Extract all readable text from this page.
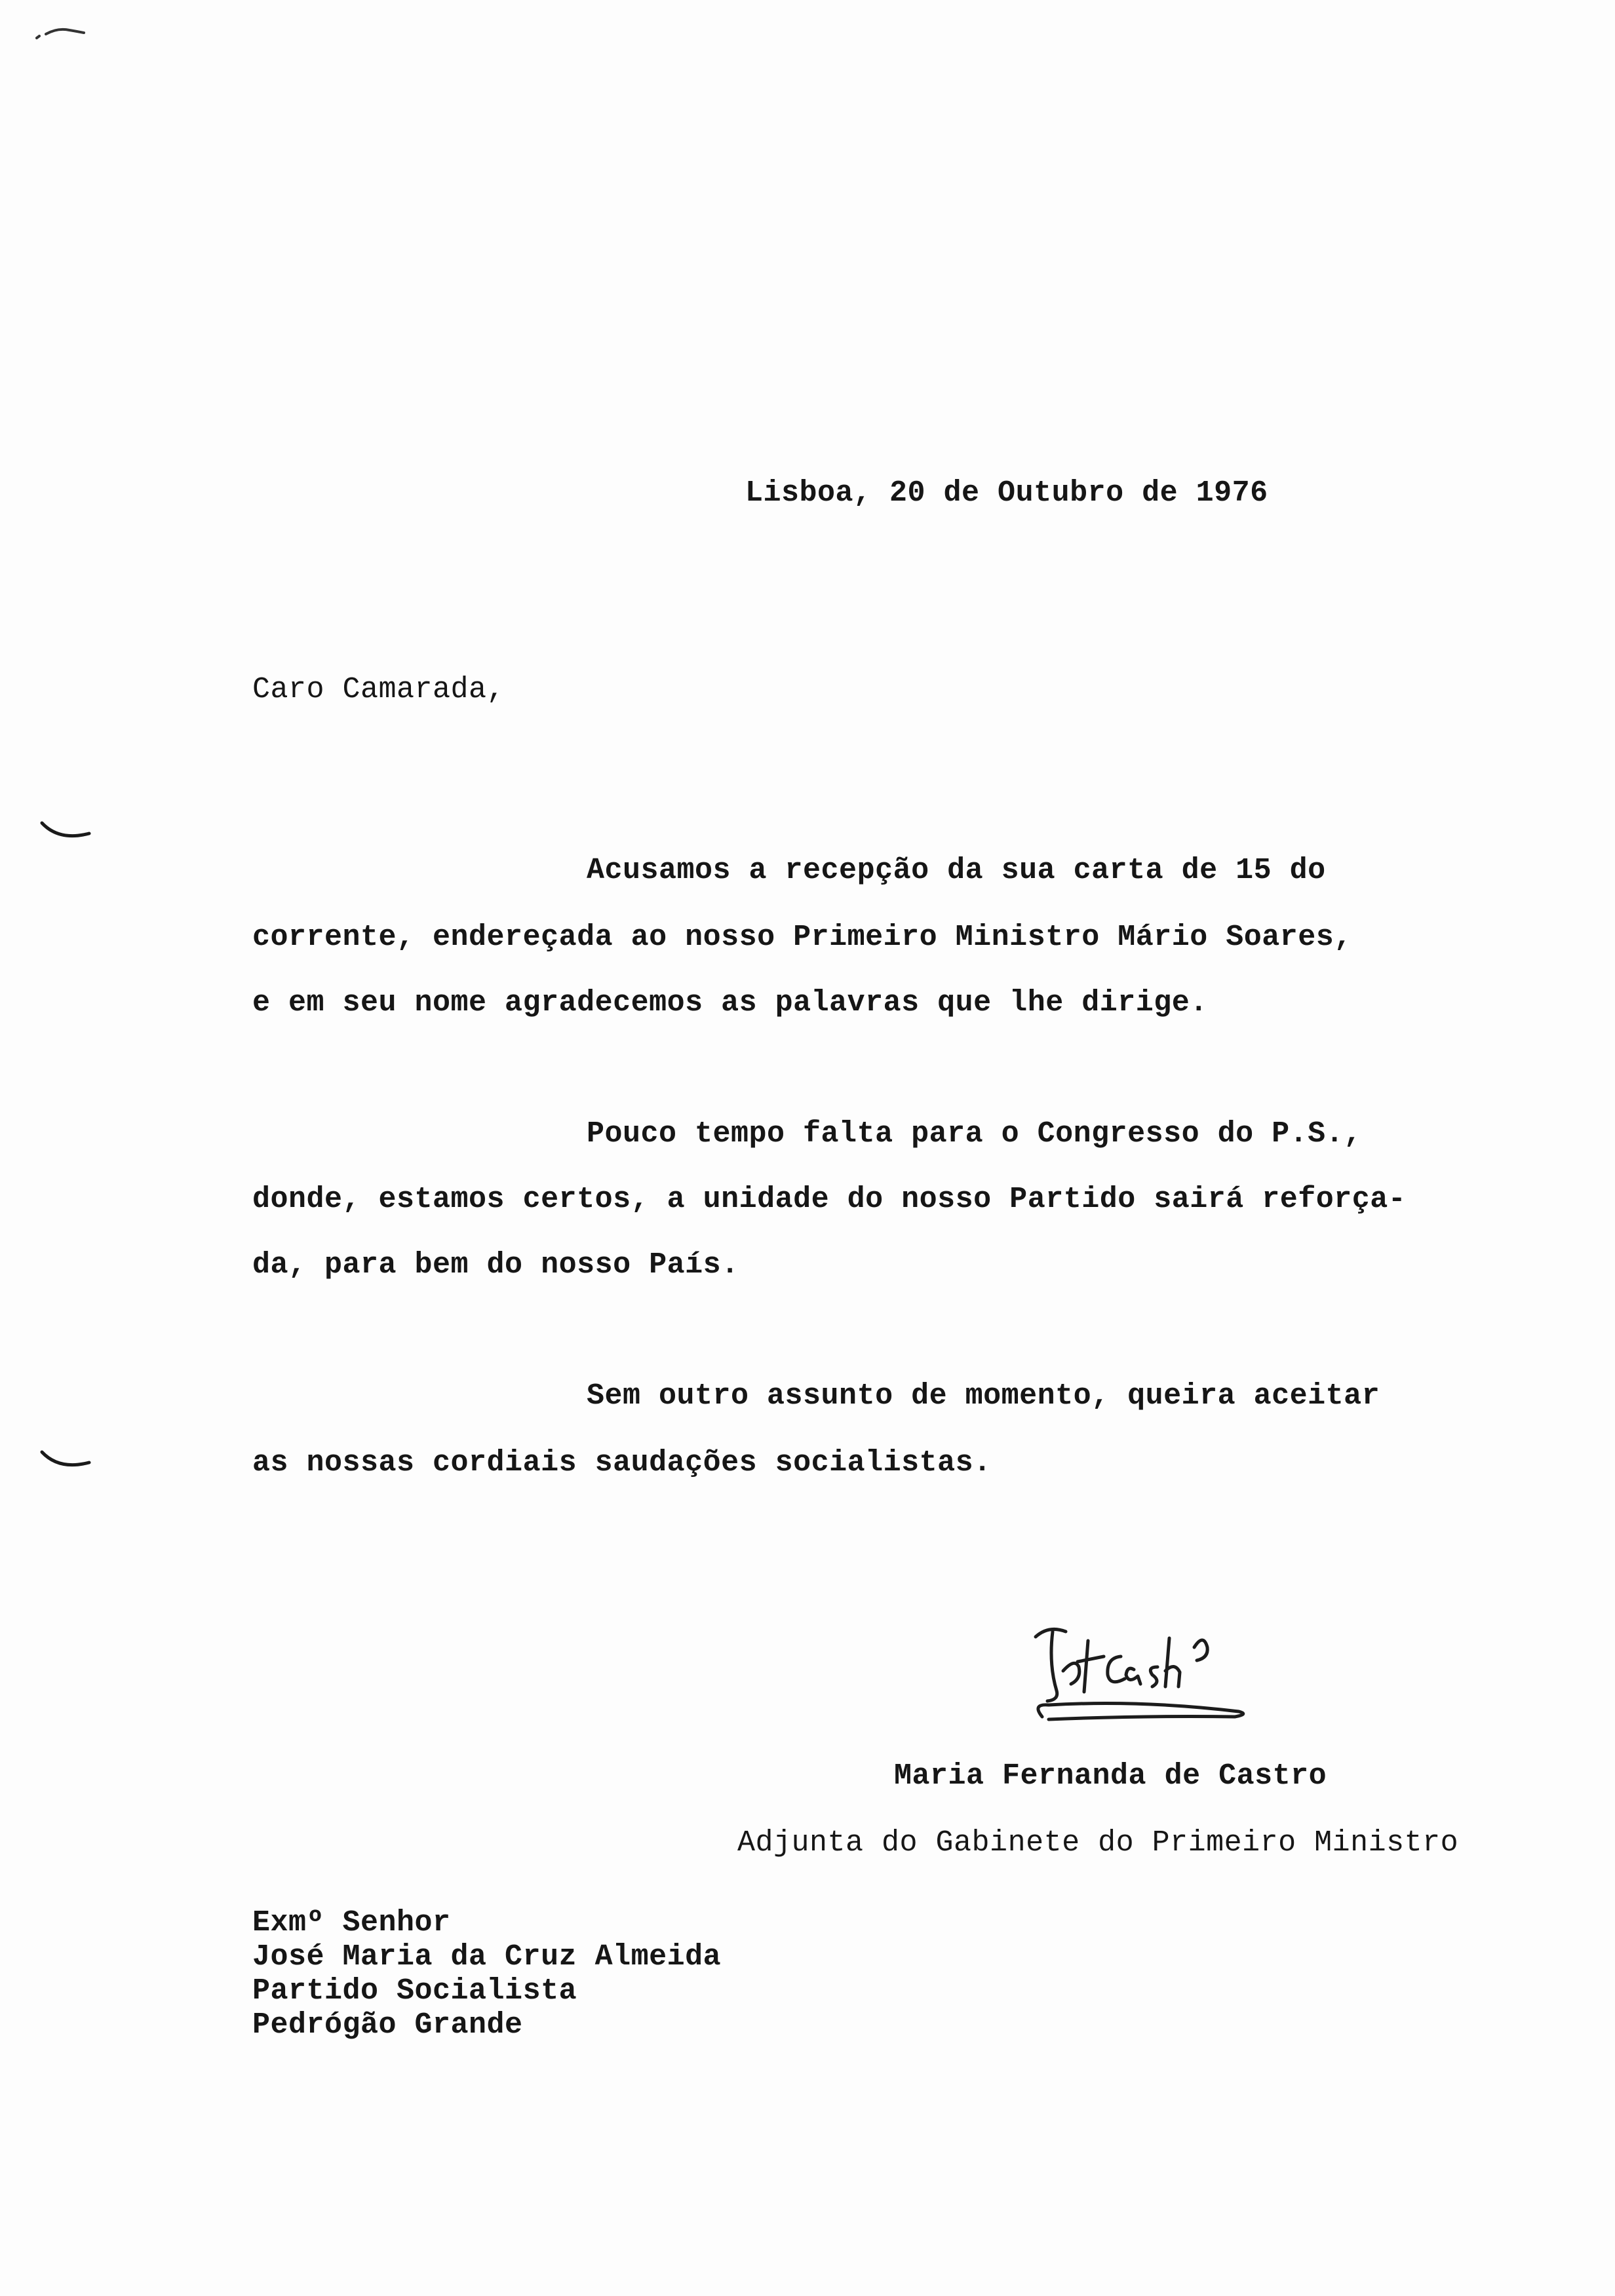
Lisboa, 20 de Outubro de 1976
Caro Camarada,
Acusamos a recepção da sua carta de 15 do
corrente, endereçada ao nosso Primeiro Ministro Mário Soares,
e em seu nome agradecemos as palavras que lhe dirige.
Pouco tempo falta para o Congresso do P.S.,
donde, estamos certos, a unidade do nosso Partido sairá reforça-
da, para bem do nosso País.
Sem outro assunto de momento, queira aceitar
as nossas cordiais saudações socialistas.
Maria Fernanda de Castro
Adjunta do Gabinete do Primeiro Ministro
Exmº Senhor
José Maria da Cruz Almeida
Partido Socialista
Pedrógão Grande
